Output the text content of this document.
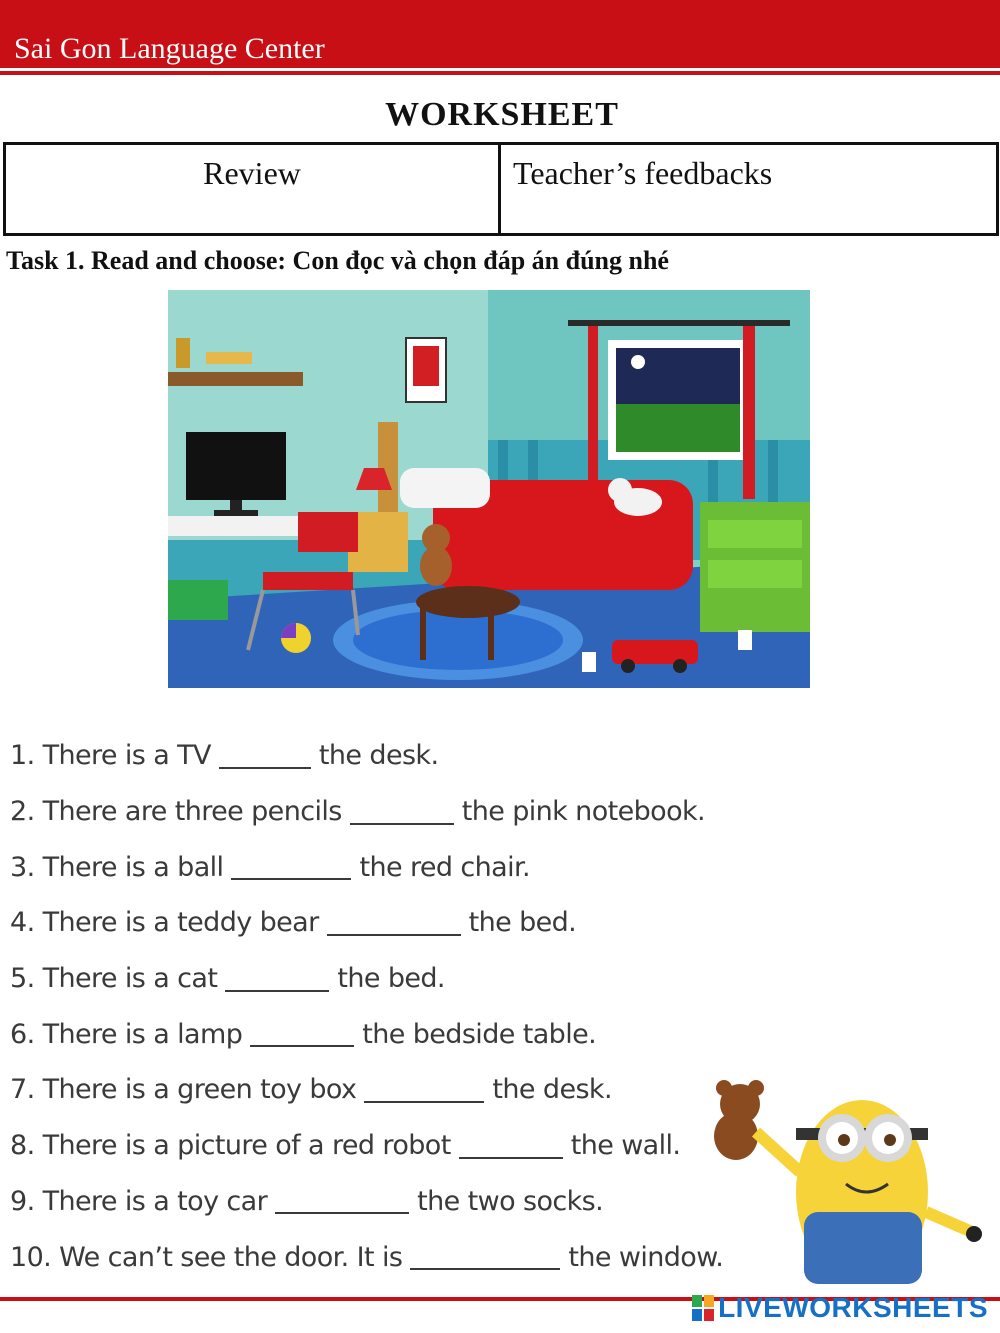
Sai Gon Language Center
WORKSHEET
Review	Teacher’s feedbacks
Task 1. Read and choose: Con đọc và chọn đáp án đúng nhé
1. There is a TV	the desk.
2. There are three pencils	the pink notebook.
3. There is a ball	the red chair.
4. There is a teddy bear	the bed.
5. There is a cat	the bed.
6. There is a lamp	the bedside table.
7. There is a green toy box	the desk.
8. There is a picture of a red robot	the wall.
9. There is a toy car	the two socks.
10. We can’t see the door. It is	the window.
LIVEWORKSHEETS
